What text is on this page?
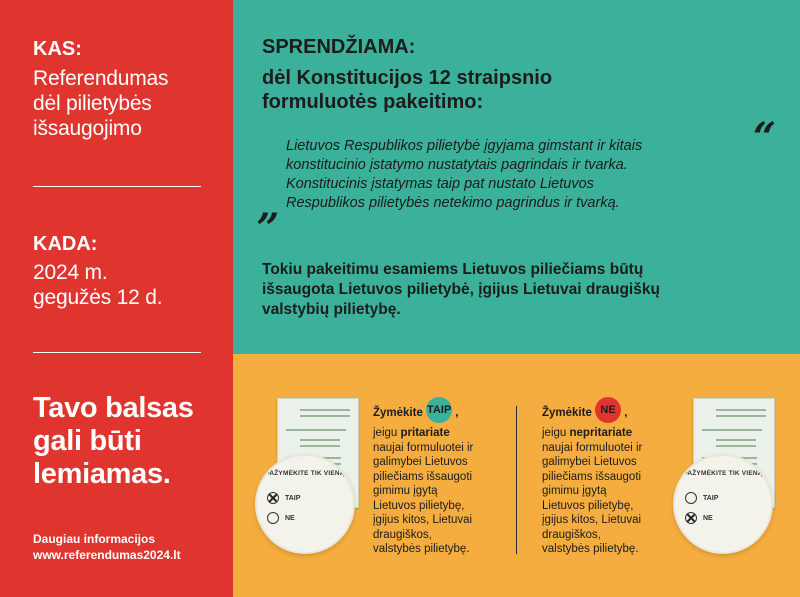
KAS:
Referendumas
dėl pilietybės
išsaugojimo
KADA:
2024 m.
gegužės 12 d.
Tavo balsas
gali būti
lemiamas.
Daugiau informacijos
www.referendumas2024.lt
SPRENDŽIAMA:
dėl Konstitucijos 12 straipsnio
formuluotės pakeitimo:
“
Lietuvos Respublikos pilietybė įgyjama gimstant ir kitais
konstitucinio įstatymo nustatytais pagrindais ir tvarka.
Konstitucinis įstatymas taip pat nustato Lietuvos
Respublikos pilietybės netekimo pagrindus ir tvarką.
„
Tokiu pakeitimu esamiems Lietuvos piliečiams būtų
išsaugota Lietuvos pilietybė, įgijus Lietuvai draugiškų
valstybių pilietybę.
PAŽYMĖKITE TIK VIENĄ
TAIP
NE
Žymėkite TAIP ,
jeigu pritariate
naujai formuluotei ir
galimybei Lietuvos
piliečiams išsaugoti
gimimu įgytą
Lietuvos pilietybę,
įgijus kitos, Lietuvai
draugiškos,
valstybės pilietybę.
Žymėkite NE ,
jeigu nepritariate
naujai formuluotei ir
galimybei Lietuvos
piliečiams išsaugoti
gimimu įgytą
Lietuvos pilietybę,
įgijus kitos, Lietuvai
draugiškos,
valstybės pilietybę.
PAŽYMĖKITE TIK VIENĄ
TAIP
NE
